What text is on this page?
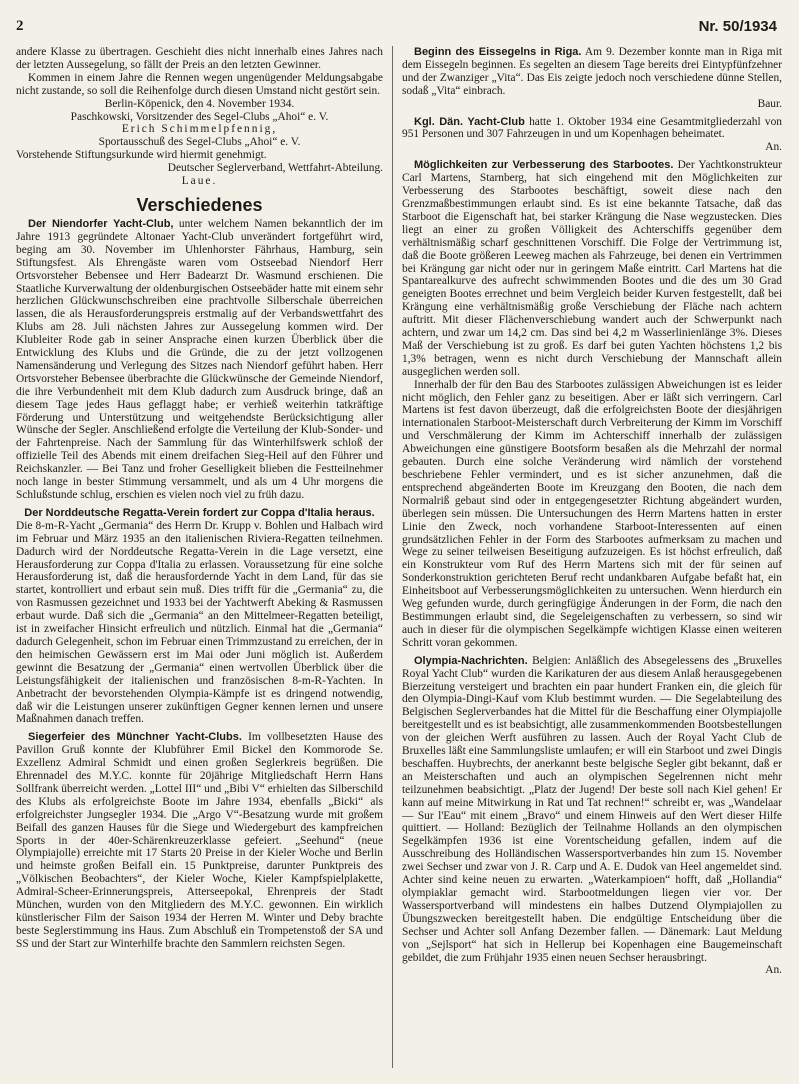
2	Nr. 50/1934

andere Klasse zu übertragen. Geschieht dies nicht innerhalb eines Jahres nach der letzten Aussegelung, so fällt der Preis an den letzten Gewinner.

Kommen in einem Jahre die Rennen wegen ungenügender Meldungsabgabe nicht zustande, so soll die Reihenfolge durch diesen Umstand nicht gestört sein.

Berlin-Köpenick, den 4. November 1934.

Paschkowski, Vorsitzender des Segel-Clubs „Ahoi“ e. V.

Erich Schimmelpfennig,

Sportausschuß des Segel-Clubs „Ahoi“ e. V.

Vorstehende Stiftungsurkunde wird hiermit genehmigt.

Deutscher Seglerverband, Wettfahrt-Abteilung.

Laue.

Verschiedenes

Der Niendorfer Yacht-Club, unter welchem Namen bekanntlich der im Jahre 1913 gegründete Altonaer Yacht-Club unverändert fortgeführt wird, beging am 30. November im Uhlenhorster Fährhaus, Hamburg, sein Stiftungsfest. Als Ehrengäste waren vom Ostseebad Niendorf Herr Ortsvorsteher Bebensee und Herr Badearzt Dr. Wasmund erschienen. Die Staatliche Kurverwaltung der oldenburgischen Ostseebäder hatte mit einem sehr herzlichen Glückwunschschreiben eine prachtvolle Silberschale überreichen lassen, die als Herausforderungspreis erstmalig auf der Verbandswettfahrt des Klubs am 28. Juli nächsten Jahres zur Aussegelung kommen wird. Der Klubleiter Rode gab in seiner Ansprache einen kurzen Überblick über die Entwicklung des Klubs und die Gründe, die zu der jetzt vollzogenen Namensänderung und Verlegung des Sitzes nach Niendorf geführt haben. Herr Ortsvorsteher Bebensee überbrachte die Glückwünsche der Gemeinde Niendorf, die ihre Verbundenheit mit dem Klub dadurch zum Ausdruck bringe, daß an diesem Tage jedes Haus geflaggt habe; er verhieß weiterhin tatkräftige Förderung und Unterstützung und weitgehendste Berücksichtigung aller Wünsche der Segler. Anschließend erfolgte die Verteilung der Klub-Sonder- und der Fahrtenpreise. Nach der Sammlung für das Winterhilfswerk schloß der offizielle Teil des Abends mit einem dreifachen Sieg-Heil auf den Führer und Reichskanzler. — Bei Tanz und froher Geselligkeit blieben die Festteilnehmer noch lange in bester Stimmung versammelt, und als um 4 Uhr morgens die Schlußstunde schlug, erschien es vielen noch viel zu früh dazu.

Der Norddeutsche Regatta-Verein fordert zur Coppa d'Italia heraus.

Die 8-m-R-Yacht „Germania“ des Herrn Dr. Krupp v. Bohlen und Halbach wird im Februar und März 1935 an den italienischen Riviera-Regatten teilnehmen. Dadurch wird der Norddeutsche Regatta-Verein in die Lage versetzt, eine Herausforderung zur Coppa d'Italia zu erlassen. Voraussetzung für eine solche Herausforderung ist, daß die herausfordernde Yacht in dem Land, für das sie startet, kontrolliert und erbaut sein muß. Dies trifft für die „Germania“ zu, die von Rasmussen gezeichnet und 1933 bei der Yachtwerft Abeking & Rasmussen erbaut wurde. Daß sich die „Germania“ an den Mittelmeer-Regatten beteiligt, ist in zweifacher Hinsicht erfreulich und nützlich. Einmal hat die „Germania“ dadurch Gelegenheit, schon im Februar einen Trimmzustand zu erreichen, der in den heimischen Gewässern erst im Mai oder Juni möglich ist. Außerdem gewinnt die Besatzung der „Germania“ einen wertvollen Überblick über die Leistungsfähigkeit der italienischen und französischen 8-m-R-Yachten. In Anbetracht der bevorstehenden Olympia-Kämpfe ist es dringend notwendig, daß wir die Leistungen unserer zukünftigen Gegner kennen lernen und unsere Maßnahmen danach treffen.

Siegerfeier des Münchner Yacht-Clubs. Im vollbesetzten Hause des Pavillon Gruß konnte der Klubführer Emil Bickel den Kommorode Se. Exzellenz Admiral Schmidt und einen großen Seglerkreis begrüßen. Die Ehrennadel des M.Y.C. konnte für 20jährige Mitgliedschaft Herrn Hans Sollfrank überreicht werden. „Lottel III“ und „Bibi V“ erhielten das Silberschild des Klubs als erfolgreichste Boote im Jahre 1934, ebenfalls „Bicki“ als erfolgreichster Jungsegler 1934. Die „Argo V“-Besatzung wurde mit großem Beifall des ganzen Hauses für die Siege und Wiedergeburt des kampfreichen Sports in der 40er-Schärenkreuzerklasse gefeiert. „Seehund“ (neue Olympiajolle) erreichte mit 17 Starts 20 Preise in der Kieler Woche und Berlin und heimste großen Beifall ein. 15 Punktpreise, darunter Punktpreis des „Völkischen Beobachters“, der Kieler Woche, Kieler Kampfspielplakette, Admiral-Scheer-Erinnerungspreis, Atterseepokal, Ehrenpreis der Stadt München, wurden von den Mitgliedern des M.Y.C. gewonnen. Ein wirklich künstlerischer Film der Saison 1934 der Herren M. Winter und Deby brachte beste Seglerstimmung ins Haus. Zum Abschluß ein Trompetenstoß der SA und SS und der Start zur Winterhilfe brachte den Sammlern reichsten Segen.

Beginn des Eissegelns in Riga. Am 9. Dezember konnte man in Riga mit dem Eissegeln beginnen. Es segelten an diesem Tage bereits drei Eintypfünfzehner und der Zwanziger „Vita“. Das Eis zeigte jedoch noch verschiedene dünne Stellen, sodaß „Vita“ einbrach.

Baur.

Kgl. Dän. Yacht-Club hatte 1. Oktober 1934 eine Gesamtmitgliederzahl von 951 Personen und 307 Fahrzeugen in und um Kopenhagen beheimatet.

An.

Möglichkeiten zur Verbesserung des Starbootes. Der Yachtkonstrukteur Carl Martens, Starnberg, hat sich eingehend mit den Möglichkeiten zur Verbesserung des Starbootes beschäftigt, soweit diese nach den Grenzmaßbestimmungen erlaubt sind. Es ist eine bekannte Tatsache, daß das Starboot die Eigenschaft hat, bei starker Krängung die Nase wegzustecken. Dies liegt an einer zu großen Völligkeit des Achterschiffs gegenüber dem verhältnismäßig scharf geschnittenen Vorschiff. Die Folge der Vertrimmung ist, daß die Boote größeren Leeweg machen als Fahrzeuge, bei denen ein Vertrimmen bei Krängung gar nicht oder nur in geringem Maße eintritt. Carl Martens hat die Spantarealkurve des aufrecht schwimmenden Bootes und die des um 30 Grad geneigten Bootes errechnet und beim Vergleich beider Kurven festgestellt, daß bei Krängung eine verhältnismäßig große Verschiebung der Fläche nach achtern auftritt. Mit dieser Flächenverschiebung wandert auch der Schwerpunkt nach achtern, und zwar um 14,2 cm. Das sind bei 4,2 m Wasserlinienlänge 3%. Dieses Maß der Verschiebung ist zu groß. Es darf bei guten Yachten höchstens 1,2 bis 1,3% betragen, wenn es nicht durch Verschiebung der Mannschaft allein ausgeglichen werden soll.

Innerhalb der für den Bau des Starbootes zulässigen Abweichungen ist es leider nicht möglich, den Fehler ganz zu beseitigen. Aber er läßt sich verringern. Carl Martens ist fest davon überzeugt, daß die erfolgreichsten Boote der diesjährigen internationalen Starboot-Meisterschaft durch Verbreiterung der Kimm im Vorschiff und Verschmälerung der Kimm im Achterschiff innerhalb der zulässigen Abweichungen eine günstigere Bootsform besaßen als die Mehrzahl der normal gebauten. Durch eine solche Veränderung wird nämlich der vorstehend beschriebene Fehler vermindert, und es ist sicher anzunehmen, daß die entsprechend abgeänderten Boote im Kreuzgang den Booten, die nach dem Normalriß gebaut sind oder in entgegengesetzter Richtung abgeändert wurden, überlegen sein müssen. Die Untersuchungen des Herrn Martens hatten in erster Linie den Zweck, noch vorhandene Starboot-Interessenten auf einen grundsätzlichen Fehler in der Form des Starbootes aufmerksam zu machen und Wege zu seiner teilweisen Beseitigung aufzuzeigen. Es ist höchst erfreulich, daß ein Konstrukteur vom Ruf des Herrn Martens sich mit der für seinen auf Sonderkonstruktion gerichteten Beruf recht undankbaren Aufgabe befaßt hat, ein Einheitsboot auf Verbesserungsmöglichkeiten zu untersuchen. Wenn hierdurch ein Weg gefunden wurde, durch geringfügige Änderungen in der Form, die nach den Bestimmungen erlaubt sind, die Segeleigenschaften zu verbessern, so sind wir auch in dieser für die olympischen Segelkämpfe wichtigen Klasse einen weiteren Schritt voran gekommen.

Olympia-Nachrichten. Belgien: Anläßlich des Absegelessens des „Bruxelles Royal Yacht Club“ wurden die Karikaturen der aus diesem Anlaß herausgegebenen Bierzeitung versteigert und brachten ein paar hundert Franken ein, die gleich für den Olympia-Dingi-Kauf vom Klub bestimmt wurden. — Die Segelabteilung des Belgischen Seglerverbandes hat die Mittel für die Beschaffung einer Olympiajolle bereitgestellt und es ist beabsichtigt, alle zusammenkommenden Bootsbestellungen von der gleichen Werft ausführen zu lassen. Auch der Royal Yacht Club de Bruxelles läßt eine Sammlungsliste umlaufen; er will ein Starboot und zwei Dingis beschaffen. Huybrechts, der anerkannt beste belgische Segler gibt bekannt, daß er an Meisterschaften und auch an olympischen Segelrennen nicht mehr teilzunehmen beabsichtigt. „Platz der Jugend! Der beste soll nach Kiel gehen! Er kann auf meine Mitwirkung in Rat und Tat rechnen!“ schreibt er, was „Wandelaar — Sur l'Eau“ mit einem „Bravo“ und einem Hinweis auf den Wert dieser Hilfe quittiert. — Holland: Bezüglich der Teilnahme Hollands an den olympischen Segelkämpfen 1936 ist eine Vorentscheidung gefallen, indem auf die Ausschreibung des Holländischen Wassersportverbandes hin zum 15. November zwei Sechser und zwar von J. R. Carp und A. E. Dudok van Heel angemeldet sind. Achter sind keine neuen zu erwarten. „Waterkampioen“ hofft, daß „Hollandia“ olympiaklar gemacht wird. Starbootmeldungen liegen vier vor. Der Wassersportverband will mindestens ein halbes Dutzend Olympiajollen zu Übungszwecken bereitgestellt haben. Die endgültige Entscheidung über die Sechser und Achter soll Anfang Dezember fallen. — Dänemark: Laut Meldung von „Sejlsport“ hat sich in Hellerup bei Kopenhagen eine Baugemeinschaft gebildet, die zum Frühjahr 1935 einen neuen Sechser herausbringt.

An.
